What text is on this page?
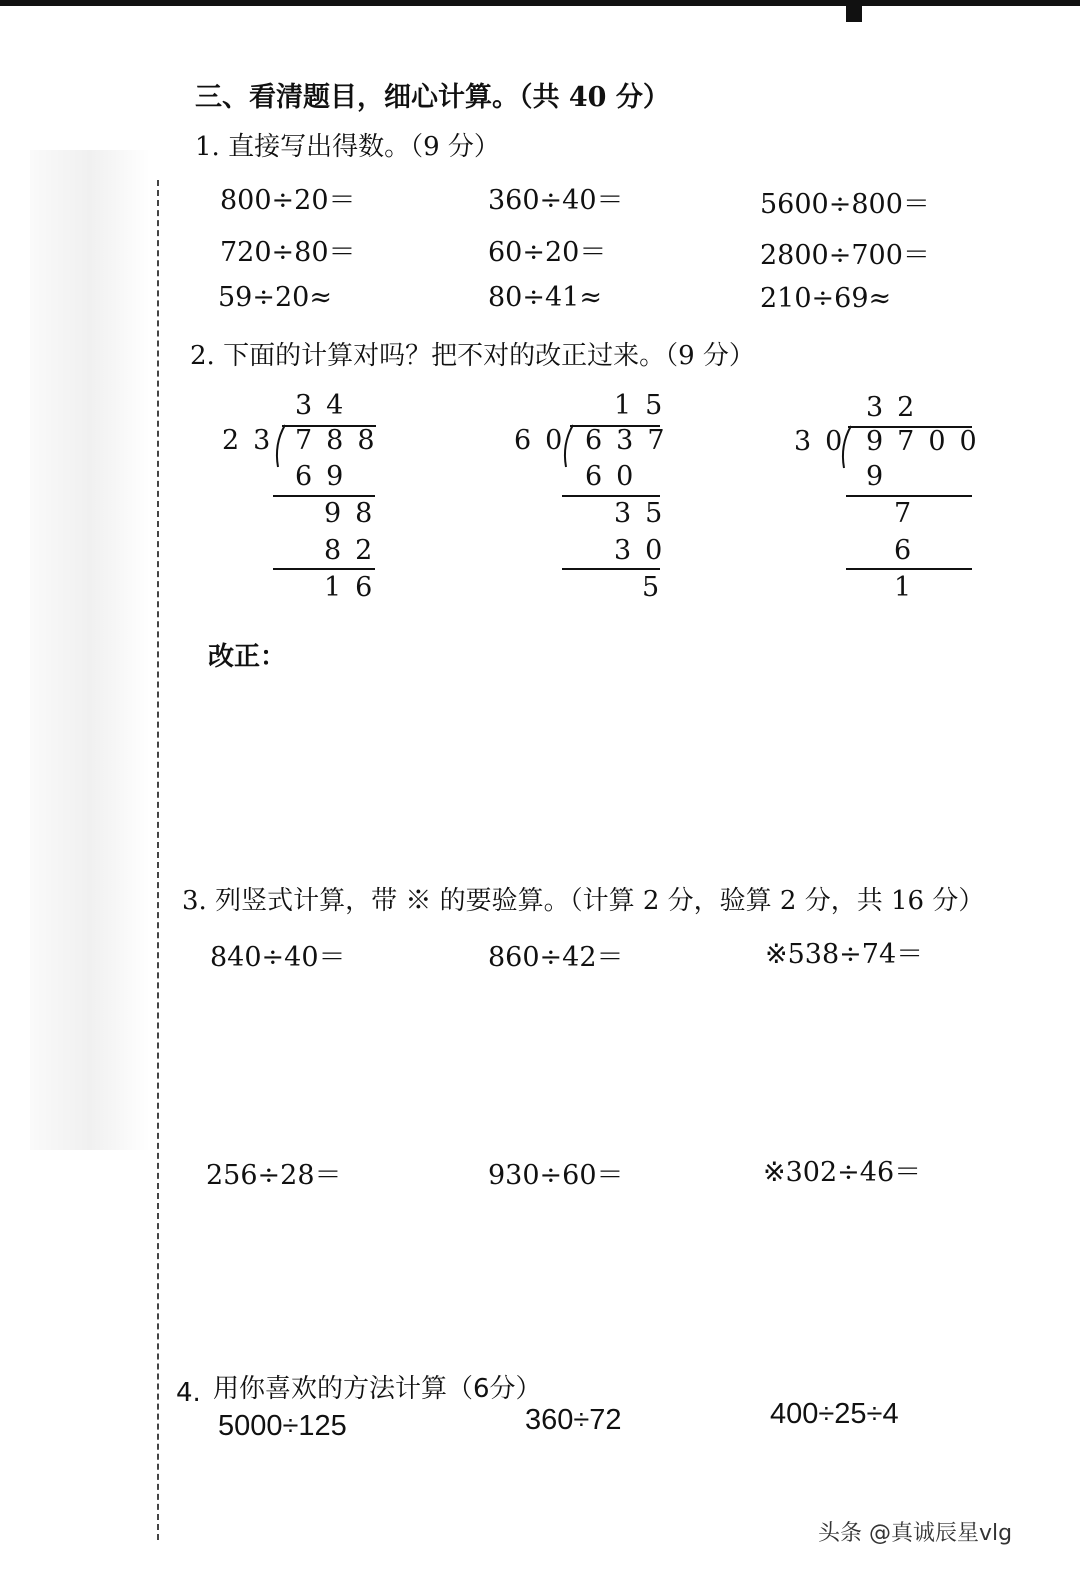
三、看清题目，细心计算。（共 40 分）
1. 直接写出得数。（9 分）
800÷20＝	360÷40＝	5600÷800＝
720÷80＝	60÷20＝	2800÷700＝
59÷20≈	80÷41≈	210÷69≈
2. 下面的计算对吗？把不对的改正过来。（9 分）
34
23 788
69
98
82
16
15
60 637
60
35
30
5
32
30 9700
9
7
6
1
改正：
3. 列竖式计算，带 ※ 的要验算。（计算 2 分，验算 2 分，共 16 分）
840÷40＝	860÷42＝	※538÷74＝
256÷28＝	930÷60＝	※302÷46＝
4. 用你喜欢的方法计算（6分）
5000÷125	360÷72	400÷25÷4
头条 @真诚辰星vlg
